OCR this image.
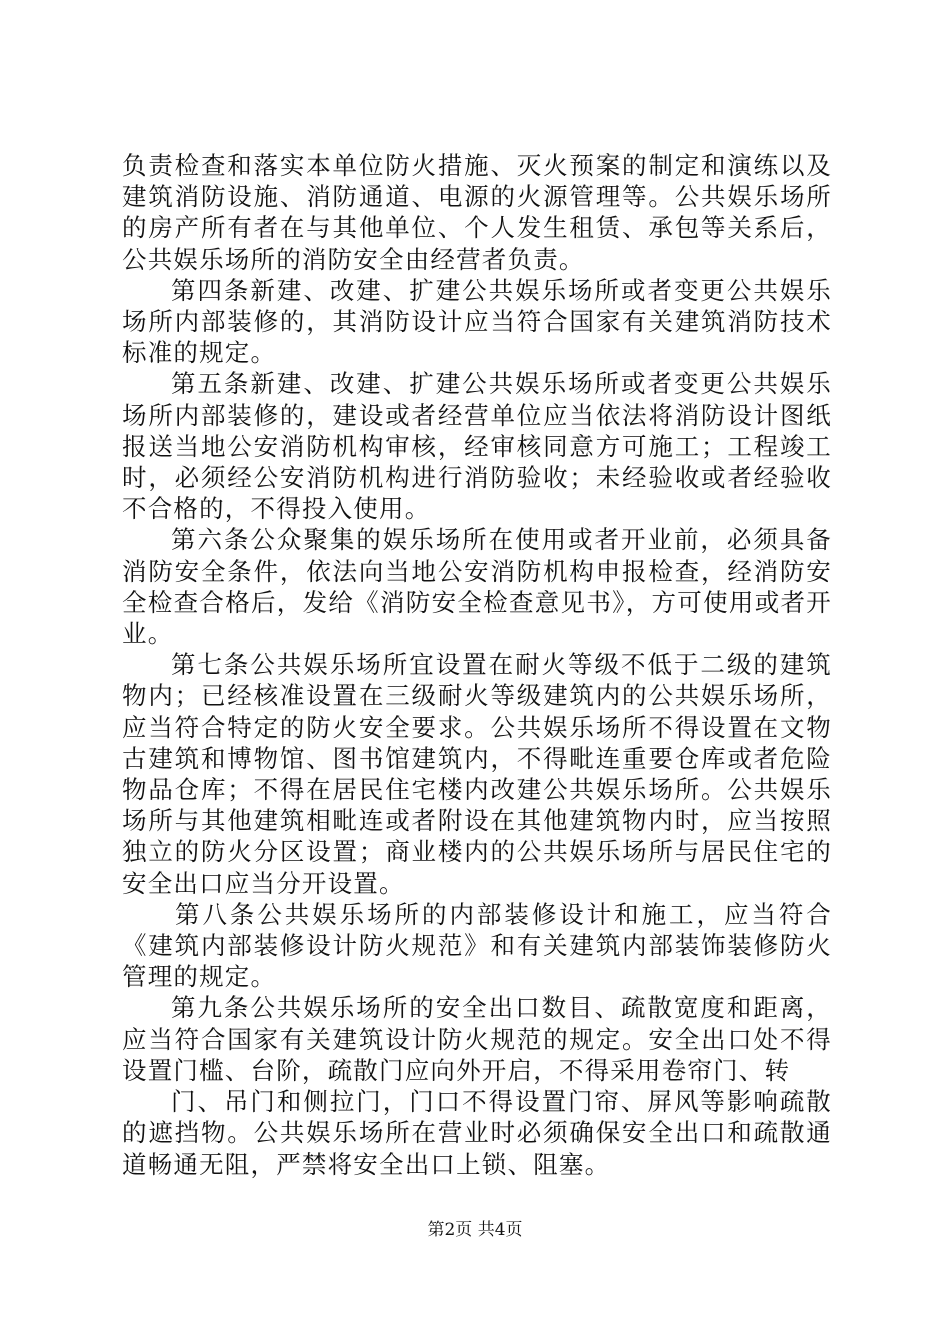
负责检查和落实本单位防火措施、灭火预案的制定和演练以及建筑消防设施、消防通道、电源的火源管理等。公共娱乐场所的房产所有者在与其他单位、个人发生租赁、承包等关系后，公共娱乐场所的消防安全由经营者负责。

第四条新建、改建、扩建公共娱乐场所或者变更公共娱乐场所内部装修的，其消防设计应当符合国家有关建筑消防技术标准的规定。

第五条新建、改建、扩建公共娱乐场所或者变更公共娱乐场所内部装修的，建设或者经营单位应当依法将消防设计图纸报送当地公安消防机构审核，经审核同意方可施工；工程竣工时，必须经公安消防机构进行消防验收；未经验收或者经验收不合格的，不得投入使用。

第六条公众聚集的娱乐场所在使用或者开业前，必须具备消防安全条件，依法向当地公安消防机构申报检查，经消防安全检查合格后，发给《消防安全检查意见书》，方可使用或者开业。

第七条公共娱乐场所宜设置在耐火等级不低于二级的建筑物内；已经核准设置在三级耐火等级建筑内的公共娱乐场所，应当符合特定的防火安全要求。公共娱乐场所不得设置在文物古建筑和博物馆、图书馆建筑内，不得毗连重要仓库或者危险物品仓库；不得在居民住宅楼内改建公共娱乐场所。公共娱乐场所与其他建筑相毗连或者附设在其他建筑物内时，应当按照独立的防火分区设置；商业楼内的公共娱乐场所与居民住宅的安全出口应当分开设置。

第八条公共娱乐场所的内部装修设计和施工，应当符合《建筑内部装修设计防火规范》和有关建筑内部装饰装修防火管理的规定。

第九条公共娱乐场所的安全出口数目、疏散宽度和距离，应当符合国家有关建筑设计防火规范的规定。安全出口处不得设置门槛、台阶，疏散门应向外开启，不得采用卷帘门、转

门、吊门和侧拉门，门口不得设置门帘、屏风等影响疏散的遮挡物。公共娱乐场所在营业时必须确保安全出口和疏散通道畅通无阻，严禁将安全出口上锁、阻塞。

第2页 共4页
